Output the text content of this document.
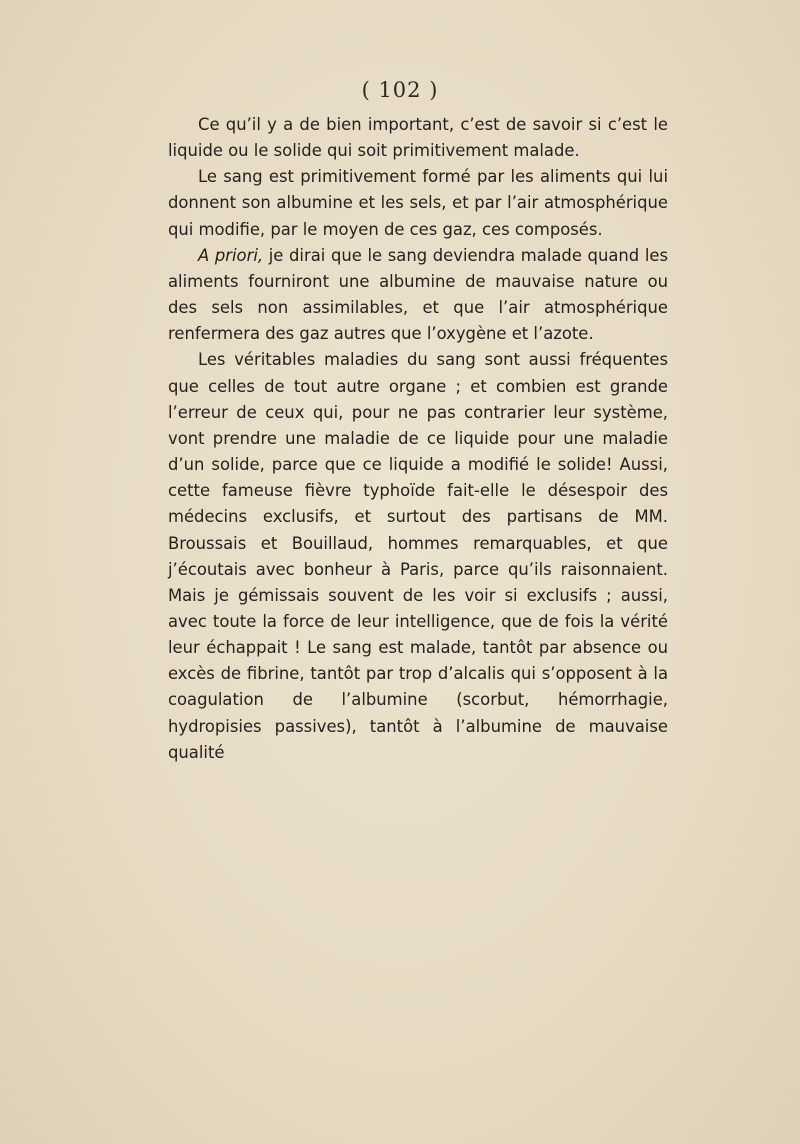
( 102 )

Ce qu’il y a de bien important, c’est de savoir si c’est le liquide ou le solide qui soit primitivement malade.

Le sang est primitivement formé par les aliments qui lui donnent son albumine et les sels, et par l’air atmosphérique qui modifie, par le moyen de ces gaz, ces composés.

A priori, je dirai que le sang deviendra malade quand les aliments fourniront une albumine de mauvaise nature ou des sels non assimilables, et que l’air atmosphérique renfermera des gaz autres que l’oxygène et l’azote.

Les véritables maladies du sang sont aussi fréquentes que celles de tout autre organe ; et combien est grande l’erreur de ceux qui, pour ne pas contrarier leur système, vont prendre une maladie de ce liquide pour une maladie d’un solide, parce que ce liquide a modifié le solide! Aussi, cette fameuse fièvre typhoïde fait-elle le désespoir des médecins exclusifs, et surtout des partisans de MM. Broussais et Bouillaud, hommes remarquables, et que j’écoutais avec bonheur à Paris, parce qu’ils raisonnaient. Mais je gémissais souvent de les voir si exclusifs ; aussi, avec toute la force de leur intelligence, que de fois la vérité leur échappait ! Le sang est malade, tantôt par absence ou excès de fibrine, tantôt par trop d’alcalis qui s’opposent à la coagulation de l’albumine (scorbut, hémorrhagie, hydropisies passives), tantôt à l’albumine de mauvaise qualité
